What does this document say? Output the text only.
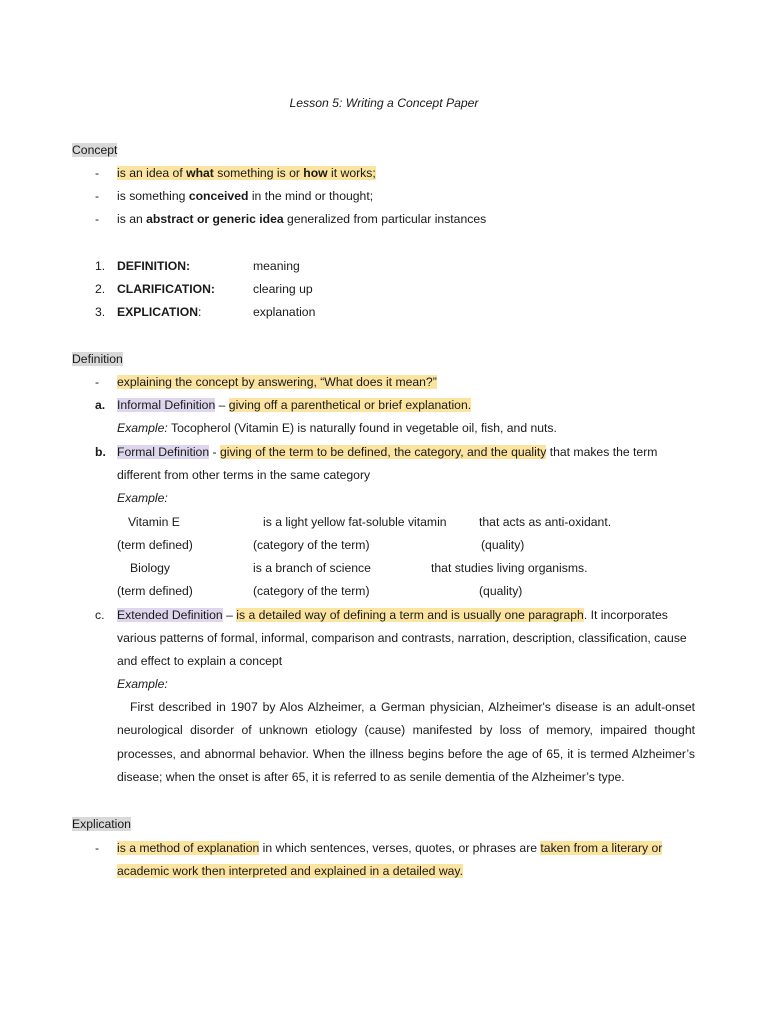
Lesson 5: Writing a Concept Paper
Concept
- is an idea of what something is or how it works;
- is something conceived in the mind or thought;
- is an abstract or generic idea generalized from particular instances
1. DEFINITION:	meaning
2. CLARIFICATION:	clearing up
3. EXPLICATION:	explanation
Definition
- explaining the concept by answering, “What does it mean?”
a. Informal Definition – giving off a parenthetical or brief explanation.
Example: Tocopherol (Vitamin E) is naturally found in vegetable oil, fish, and nuts.
b. Formal Definition - giving of the term to be defined, the category, and the quality that makes the term
different from other terms in the same category
Example:
Vitamin E	is a light yellow fat-soluble vitamin	that acts as anti-oxidant.
(term defined)	(category of the term)	(quality)
Biology	is a branch of science	that studies living organisms.
(term defined)	(category of the term)	(quality)
c. Extended Definition – is a detailed way of defining a term and is usually one paragraph. It incorporates
various patterns of formal, informal, comparison and contrasts, narration, description, classification, cause
and effect to explain a concept
Example:
First described in 1907 by Alos Alzheimer, a German physician, Alzheimer's disease is an adult-onset neurological disorder of unknown etiology (cause) manifested by loss of memory, impaired thought processes, and abnormal behavior. When the illness begins before the age of 65, it is termed Alzheimer’s disease; when the onset is after 65, it is referred to as senile dementia of the Alzheimer’s type.
Explication
- is a method of explanation in which sentences, verses, quotes, or phrases are taken from a literary or
academic work then interpreted and explained in a detailed way.
